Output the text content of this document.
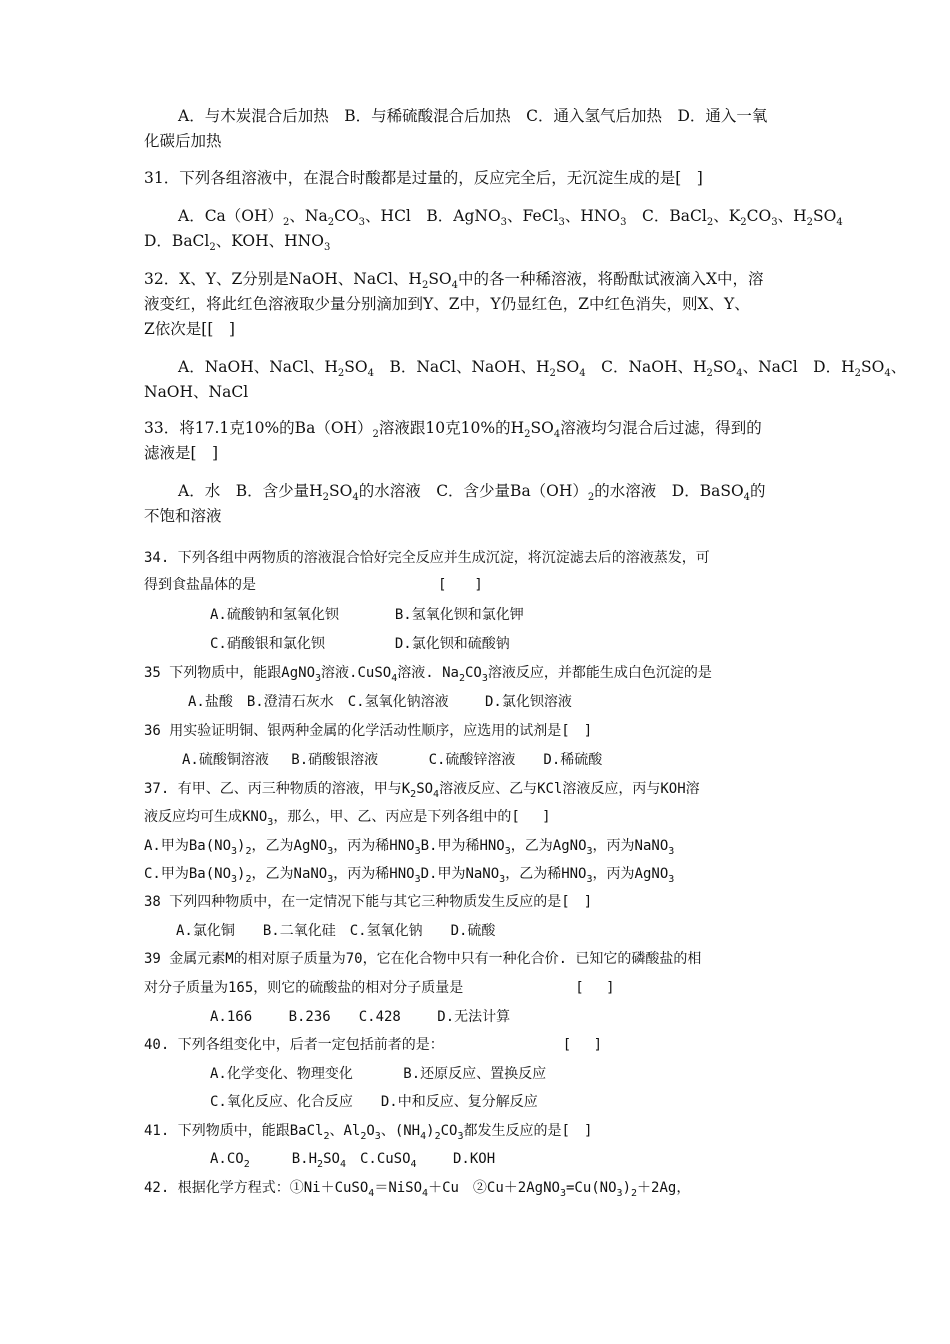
A．与木炭混合后加热　B．与稀硫酸混合后加热　C．通入氢气后加热　D．通入一氧
化碳后加热
31．下列各组溶液中，在混合时酸都是过量的，反应完全后，无沉淀生成的是[　]
A．$Ca(OH)_2$、$Na_2CO_3$、HCl　B．AgNO$_3$、FeCl$_3$、$HNO_3$　C．BaCl$_2$、$K_2CO_3$、$H_2SO_4$
D．BaCl$_2$、KOH、$HNO_3$
32．X、Y、Z分别是NaOH、NaCl、$H_2SO_4$中的各一种稀溶液，将酚酞试液滴入X中，溶
液变红，将此红色溶液取少量分别滴加到Y、Z中，Y仍显红色，Z中红色消失，则X、Y、
Z依次是[[　]
A．NaOH、NaCl、$H_2SO_4$　B．NaCl、NaOH、$H_2SO_4$　C．NaOH、$H_2SO_4$、NaCl　D．$H_2SO_4$、
NaOH、NaCl
33．将17.1克10%的$Ba(OH)_2$溶液跟10克10%的$H_2SO_4$溶液均匀混合后过滤，得到的
滤液是[　]
A．水　B．含少量$H_2SO_4$的水溶液　C．含少量$Ba(OH)_2$的水溶液　D．BaSO$_4$的
不饱和溶液
34. 下列各组中两物质的溶液混合恰好完全反应并生成沉淀，将沉淀滤去后的溶液蒸发，可
得到食盐晶体的是　　　　　　　　　　　　　[　　]
A.硫酸钠和氢氧化钡　　　　B.氢氧化钡和氯化钾
C.硝酸银和氯化钡　　　　　D.氯化钡和硫酸钠
35 下列物质中，能跟AgNO$_3$溶液.CuSO$_4$溶液. $Na_2CO_3$溶液反应，并都能生成白色沉淀的是
A.盐酸　B.澄清石灰水　C.氢氧化钠溶液　　 D.氯化钡溶液
36 用实验证明铜、银两种金属的化学活动性顺序，应选用的试剂是[　]
A.硫酸铜溶液　 B.硝酸银溶液　　　 C.硫酸锌溶液　　D.稀硫酸
37. 有甲、乙、丙三种物质的溶液，甲与$K_2SO_4$溶液反应、乙与KCl溶液反应，丙与KOH溶
液反应均可生成$KNO_3$，那么，甲、乙、丙应是下列各组中的[　 ]
A.甲为$Ba(NO_3)_2$，乙为AgNO$_3$，丙为稀$HNO_3B$.甲为稀$HNO_3$，乙为AgNO$_3$，丙为NaNO$_3$
C.甲为$Ba(NO_3)_2$，乙为NaNO$_3$，丙为稀$HNO_3D$.甲为NaNO$_3$，乙为稀$HNO_3$，丙为AgNO$_3$
38 下列四种物质中，在一定情况下能与其它三种物质发生反应的是[　]
A.氯化铜　　B.二氧化硅　C.氢氧化钠　　D.硫酸
39 金属元素M的相对原子质量为70，它在化合物中只有一种化合价. 已知它的磷酸盐的相
对分子质量为165，则它的硫酸盐的相对分子质量是　　　　　　　　[　 ]
A.166　　 B.236　　C.428　　 D.无法计算
40. 下列各组变化中，后者一定包括前者的是：　　　　　　　　　[　 ]
A.化学变化、物理变化　　　 B.还原反应、置换反应
C.氧化反应、化合反应　　D.中和反应、复分解反应
41. 下列物质中，能跟BaCl$_2$、$Al_2O_3$、$(NH_4)_2CO_3$都发生反应的是[　]
$A.CO_2$　　　$B.H_2SO_4$　C.CuSO$_4$　　 D.KOH
42. 根据化学方程式：①Ni＋CuSO$_4$＝NiSO$_4$＋Cu　$②Cu+2AgNO_3=Cu(NO_3)_2+2Ag$，
